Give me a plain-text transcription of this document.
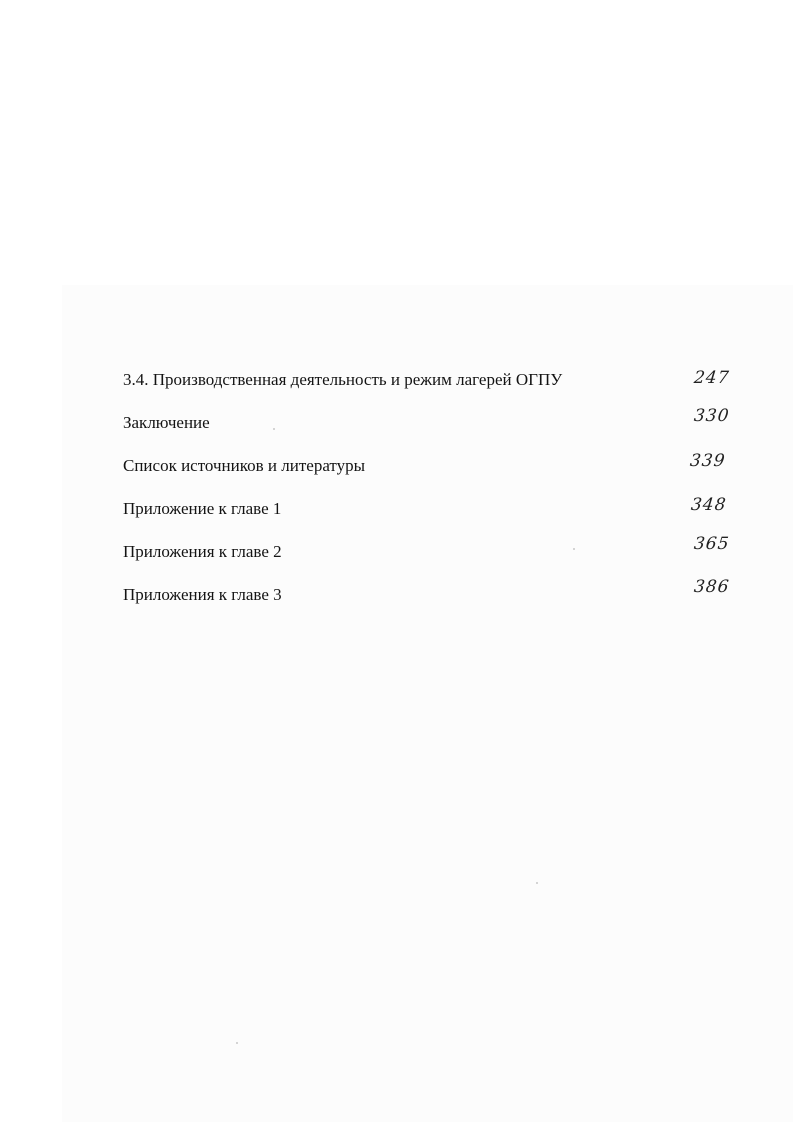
3.4. Производственная деятельность и режим лагерей ОГПУ	247
Заключение	330
Список источников и литературы	339
Приложение к главе 1	348
Приложения к главе 2	365
Приложения к главе 3	386
